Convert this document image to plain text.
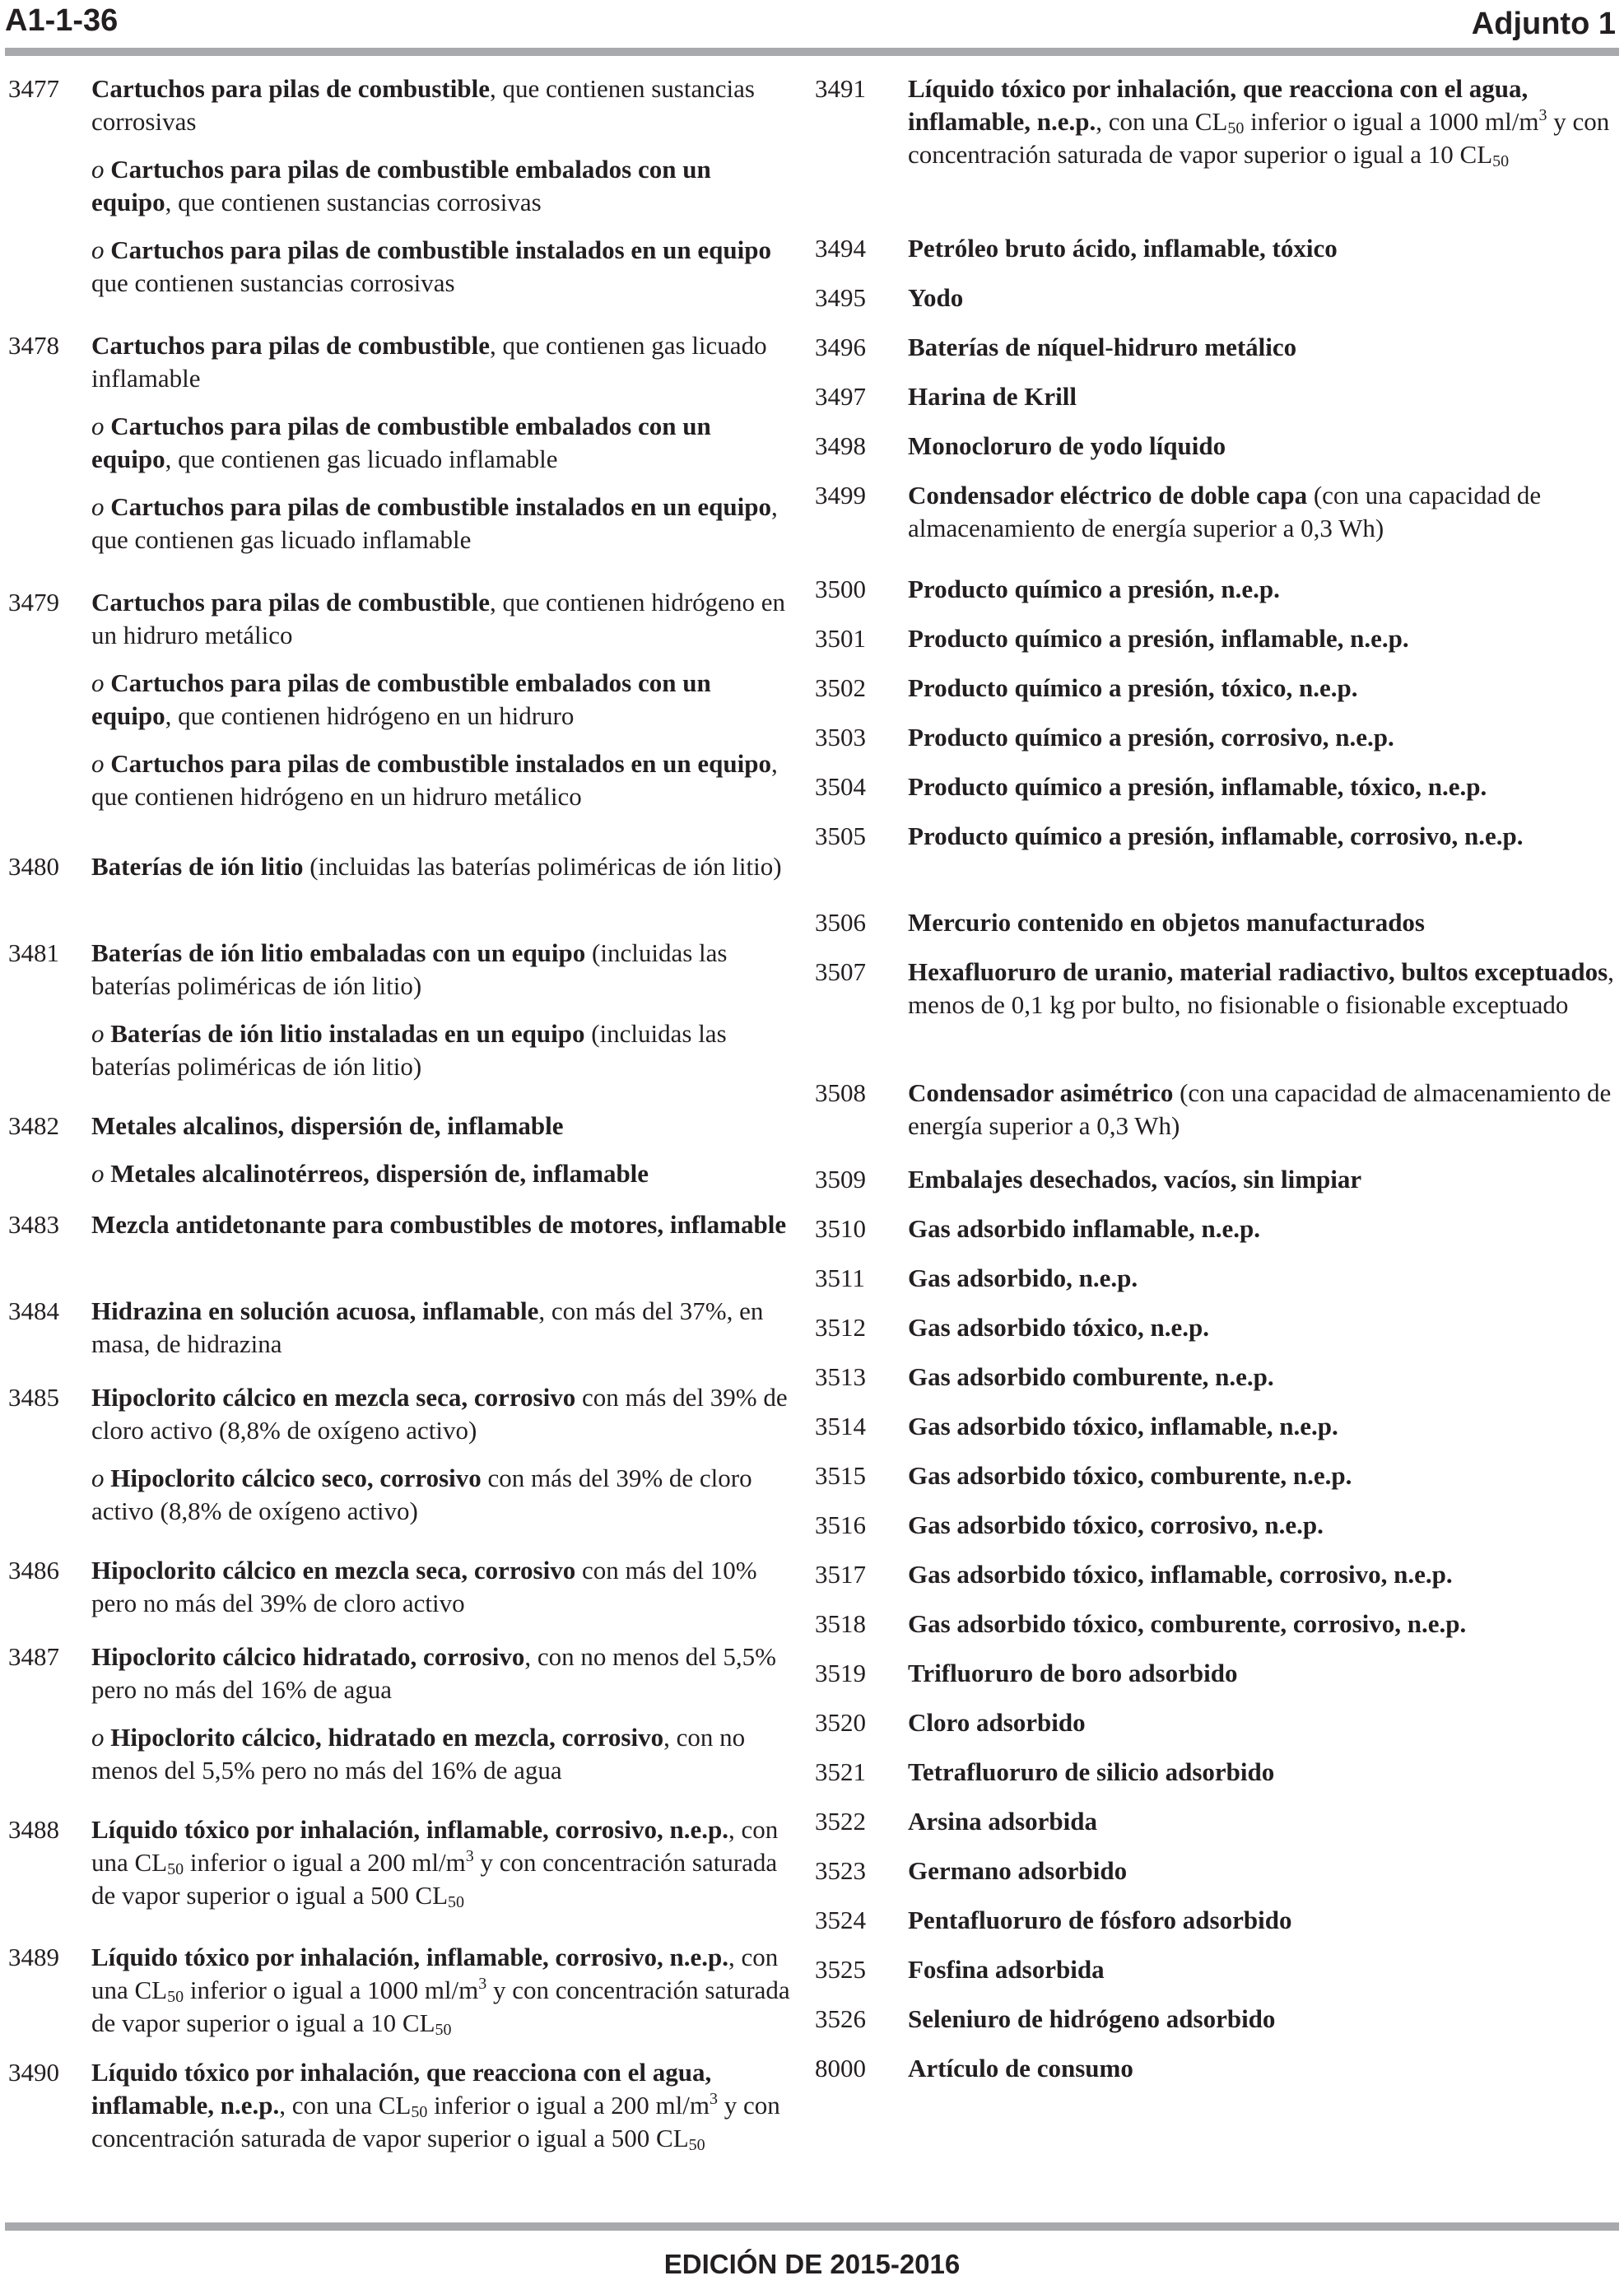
A1-1-36	Adjunto 1
3477	Cartuchos para pilas de combustible, que contienen sustancias corrosivas
o Cartuchos para pilas de combustible embalados con un equipo, que contienen sustancias corrosivas
o Cartuchos para pilas de combustible instalados en un equipo que contienen sustancias corrosivas
3478	Cartuchos para pilas de combustible, que contienen gas licuado inflamable
o Cartuchos para pilas de combustible embalados con un equipo, que contienen gas licuado inflamable
o Cartuchos para pilas de combustible instalados en un equipo, que contienen gas licuado inflamable
3479	Cartuchos para pilas de combustible, que contienen hidrógeno en un hidruro metálico
o Cartuchos para pilas de combustible embalados con un equipo, que contienen hidrógeno en un hidruro
o Cartuchos para pilas de combustible instalados en un equipo, que contienen hidrógeno en un hidruro metálico
3480	Baterías de ión litio (incluidas las baterías poliméricas de ión litio)
3481	Baterías de ión litio embaladas con un equipo (incluidas las baterías poliméricas de ión litio)
o Baterías de ión litio instaladas en un equipo (incluidas las baterías poliméricas de ión litio)
3482	Metales alcalinos, dispersión de, inflamable
o Metales alcalinotérreos, dispersión de, inflamable
3483	Mezcla antidetonante para combustibles de motores, inflamable
3484	Hidrazina en solución acuosa, inflamable, con más del 37%, en masa, de hidrazina
3485	Hipoclorito cálcico en mezcla seca, corrosivo con más del 39% de cloro activo (8,8% de oxígeno activo)
o Hipoclorito cálcico seco, corrosivo con más del 39% de cloro activo (8,8% de oxígeno activo)
3486	Hipoclorito cálcico en mezcla seca, corrosivo con más del 10% pero no más del 39% de cloro activo
3487	Hipoclorito cálcico hidratado, corrosivo, con no menos del 5,5% pero no más del 16% de agua
o Hipoclorito cálcico, hidratado en mezcla, corrosivo, con no menos del 5,5% pero no más del 16% de agua
3488	Líquido tóxico por inhalación, inflamable, corrosivo, n.e.p., con una $CL_{50}$ inferior o igual a 200 $ml/m^3$ y con concentración saturada de vapor superior o igual a 500 $CL_{50}$
3489	Líquido tóxico por inhalación, inflamable, corrosivo, n.e.p., con una $CL_{50}$ inferior o igual a 1000 $ml/m^3$ y con concentración saturada de vapor superior o igual a 10 $CL_{50}$
3490	Líquido tóxico por inhalación, que reacciona con el agua, inflamable, n.e.p., con una $CL_{50}$ inferior o igual a 200 $ml/m^3$ y con concentración saturada de vapor superior o igual a 500 $CL_{50}$
3491	Líquido tóxico por inhalación, que reacciona con el agua, inflamable, n.e.p., con una $CL_{50}$ inferior o igual a 1000 $ml/m^3$ y con concentración saturada de vapor superior o igual a 10 $CL_{50}$
3494	Petróleo bruto ácido, inflamable, tóxico
3495	Yodo
3496	Baterías de níquel-hidruro metálico
3497	Harina de Krill
3498	Monocloruro de yodo líquido
3499	Condensador eléctrico de doble capa (con una capacidad de almacenamiento de energía superior a 0,3 Wh)
3500	Producto químico a presión, n.e.p.
3501	Producto químico a presión, inflamable, n.e.p.
3502	Producto químico a presión, tóxico, n.e.p.
3503	Producto químico a presión, corrosivo, n.e.p.
3504	Producto químico a presión, inflamable, tóxico, n.e.p.
3505	Producto químico a presión, inflamable, corrosivo, n.e.p.
3506	Mercurio contenido en objetos manufacturados
3507	Hexafluoruro de uranio, material radiactivo, bultos exceptuados, menos de 0,1 kg por bulto, no fisionable o fisionable exceptuado
3508	Condensador asimétrico (con una capacidad de almacenamiento de energía superior a 0,3 Wh)
3509	Embalajes desechados, vacíos, sin limpiar
3510	Gas adsorbido inflamable, n.e.p.
3511	Gas adsorbido, n.e.p.
3512	Gas adsorbido tóxico, n.e.p.
3513	Gas adsorbido comburente, n.e.p.
3514	Gas adsorbido tóxico, inflamable, n.e.p.
3515	Gas adsorbido tóxico, comburente, n.e.p.
3516	Gas adsorbido tóxico, corrosivo, n.e.p.
3517	Gas adsorbido tóxico, inflamable, corrosivo, n.e.p.
3518	Gas adsorbido tóxico, comburente, corrosivo, n.e.p.
3519	Trifluoruro de boro adsorbido
3520	Cloro adsorbido
3521	Tetrafluoruro de silicio adsorbido
3522	Arsina adsorbida
3523	Germano adsorbido
3524	Pentafluoruro de fósforo adsorbido
3525	Fosfina adsorbida
3526	Seleniuro de hidrógeno adsorbido
8000	Artículo de consumo
EDICIÓN DE 2015-2016
